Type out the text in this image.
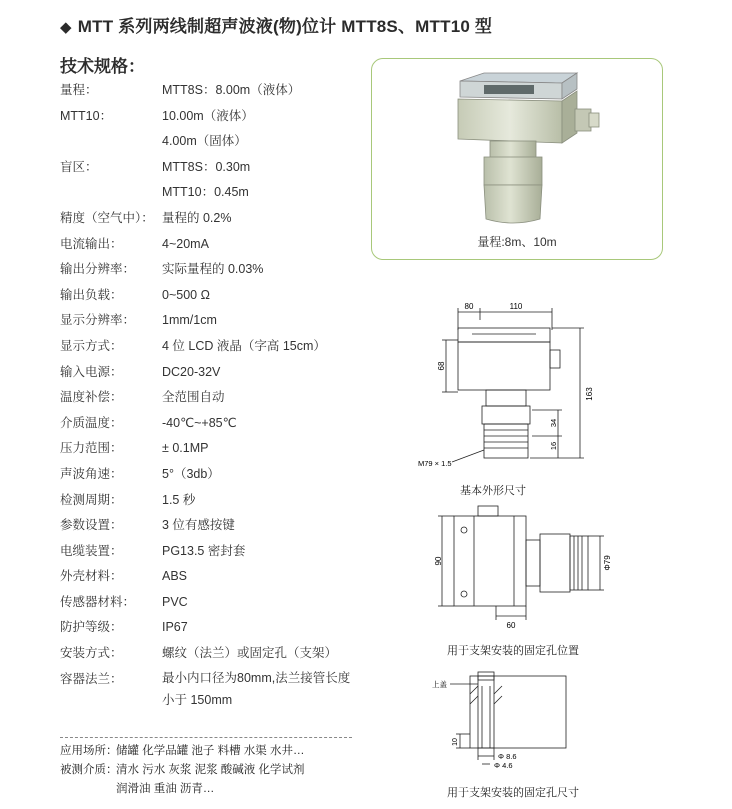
◆ MTT 系列两线制超声波液(物)位计 MTT8S、MTT10 型
技术规格：
量程：	MTT8S：8.00m（液体）
MTT10：	10.00m（液体）
4.00m（固体）
盲区：	MTT8S：0.30m
MTT10：0.45m
精度（空气中）： 量程的 0.2%
电流输出：	4~20mA
输出分辨率： 实际量程的 0.03%
输出负载：	0~500 Ω
显示分辨率： 1mm/1cm
显示方式：	4 位 LCD 液晶（字高 15cm）
输入电源：	DC20-32V
温度补偿：	全范围自动
介质温度：	-40℃~+85℃
压力范围：	± 0.1MP
声波角速：	5°（3db）
检测周期：	1.5 秒
参数设置：	3 位有感按键
电缆装置：	PG13.5 密封套
外壳材料：	ABS
传感器材料： PVC
防护等级：	IP67
安装方式：	螺纹（法兰）或固定孔（支架）
容器法兰：	最小内口径为80mm,法兰接管长度小于 150mm
应用场所：储罐 化学品罐 池子 料槽 水渠 水井…
被测介质：清水 污水 灰浆 泥浆 酸碱液 化学试剂
润滑油 重油 沥青…
量程:8m、10m
80	110
68
163
34
16
M79 × 1.5
基本外形尺寸
90	Φ79
60
用于支架安装的固定孔位置
上盖
10
Φ 8.6
Φ 4.6
用于支架安装的固定孔尺寸
